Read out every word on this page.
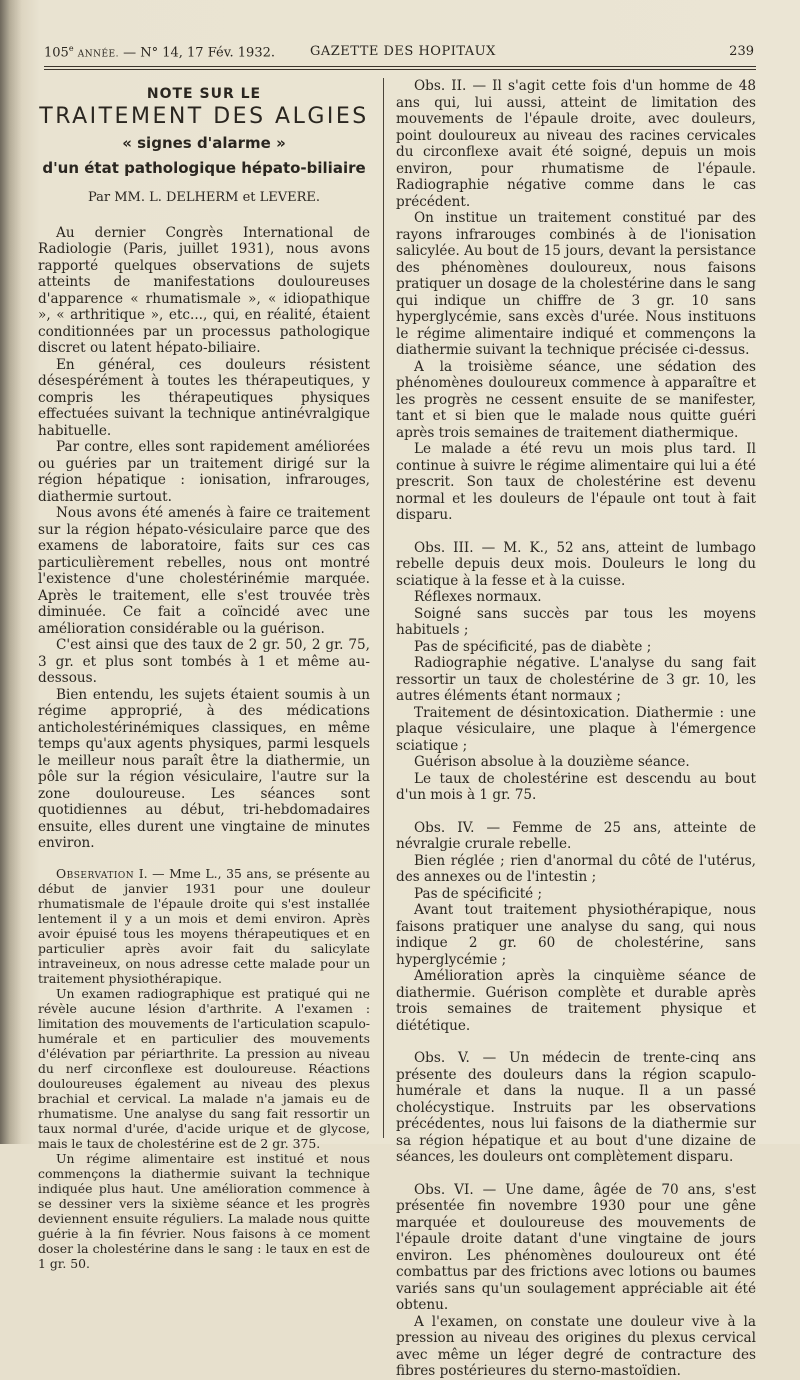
105e ANNÉE. — N° 14, 17 Fév. 1932.	GAZETTE DES HOPITAUX	239
NOTE SUR LE
TRAITEMENT DES ALGIES
« signes d'alarme »
d'un état pathologique hépato-biliaire
Par MM. L. DELHERM et LEVERE.

Au dernier Congrès International de Radiologie (Paris, juillet 1931), nous avons rapporté quelques observations de sujets atteints de manifestations douloureuses d'apparence « rhumatismale », « idiopathique », « arthritique », etc..., qui, en réalité, étaient conditionnées par un processus pathologique discret ou latent hépato-biliaire.

En général, ces douleurs résistent désespérément à toutes les thérapeutiques, y compris les thérapeutiques physiques effectuées suivant la technique antinévralgique habituelle.

Par contre, elles sont rapidement améliorées ou guéries par un traitement dirigé sur la région hépatique : ionisation, infrarouges, diathermie surtout.

Nous avons été amenés à faire ce traitement sur la région hépato-vésiculaire parce que des examens de laboratoire, faits sur ces cas particulièrement rebelles, nous ont montré l'existence d'une cholestérinémie marquée. Après le traitement, elle s'est trouvée très diminuée. Ce fait a coïncidé avec une amélioration considérable ou la guérison.

C'est ainsi que des taux de 2 gr. 50, 2 gr. 75, 3 gr. et plus sont tombés à 1 et même au-dessous.

Bien entendu, les sujets étaient soumis à un régime approprié, à des médications anticholestérinémiques classiques, en même temps qu'aux agents physiques, parmi lesquels le meilleur nous paraît être la diathermie, un pôle sur la région vésiculaire, l'autre sur la zone douloureuse. Les séances sont quotidiennes au début, tri-hebdomadaires ensuite, elles durent une vingtaine de minutes environ.

Observation I. — Mme L., 35 ans, se présente au début de janvier 1931 pour une douleur rhumatismale de l'épaule droite qui s'est installée lentement il y a un mois et demi environ. Après avoir épuisé tous les moyens thérapeutiques et en particulier après avoir fait du salicylate intraveineux, on nous adresse cette malade pour un traitement physiothérapique.

Un examen radiographique est pratiqué qui ne révèle aucune lésion d'arthrite. A l'examen : limitation des mouvements de l'articulation scapulo-humérale et en particulier des mouvements d'élévation par périarthrite. La pression au niveau du nerf circonflexe est douloureuse. Réactions douloureuses également au niveau des plexus brachial et cervical. La malade n'a jamais eu de rhumatisme. Une analyse du sang fait ressortir un taux normal d'urée, d'acide urique et de glycose, mais le taux de cholestérine est de 2 gr. 375.

Un régime alimentaire est institué et nous commençons la diathermie suivant la technique indiquée plus haut. Une amélioration commence à se dessiner vers la sixième séance et les progrès deviennent ensuite réguliers. La malade nous quitte guérie à la fin février. Nous faisons à ce moment doser la cholestérine dans le sang : le taux en est de 1 gr. 50.

Obs. II. — Il s'agit cette fois d'un homme de 48 ans qui, lui aussi, atteint de limitation des mouvements de l'épaule droite, avec douleurs, point douloureux au niveau des racines cervicales du circonflexe avait été soigné, depuis un mois environ, pour rhumatisme de l'épaule. Radiographie négative comme dans le cas précédent.

On institue un traitement constitué par des rayons infrarouges combinés à de l'ionisation salicylée. Au bout de 15 jours, devant la persistance des phénomènes douloureux, nous faisons pratiquer un dosage de la cholestérine dans le sang qui indique un chiffre de 3 gr. 10 sans hyperglycémie, sans excès d'urée. Nous instituons le régime alimentaire indiqué et commençons la diathermie suivant la technique précisée ci-dessus.

A la troisième séance, une sédation des phénomènes douloureux commence à apparaître et les progrès ne cessent ensuite de se manifester, tant et si bien que le malade nous quitte guéri après trois semaines de traitement diathermique.

Le malade a été revu un mois plus tard. Il continue à suivre le régime alimentaire qui lui a été prescrit. Son taux de cholestérine est devenu normal et les douleurs de l'épaule ont tout à fait disparu.

Obs. III. — M. K., 52 ans, atteint de lumbago rebelle depuis deux mois. Douleurs le long du sciatique à la fesse et à la cuisse.

Réflexes normaux.

Soigné sans succès par tous les moyens habituels ;

Pas de spécificité, pas de diabète ;

Radiographie négative. L'analyse du sang fait ressortir un taux de cholestérine de 3 gr. 10, les autres éléments étant normaux ;

Traitement de désintoxication. Diathermie : une plaque vésiculaire, une plaque à l'émergence sciatique ;

Guérison absolue à la douzième séance.

Le taux de cholestérine est descendu au bout d'un mois à 1 gr. 75.

Obs. IV. — Femme de 25 ans, atteinte de névralgie crurale rebelle.

Bien réglée ; rien d'anormal du côté de l'utérus, des annexes ou de l'intestin ;

Pas de spécificité ;

Avant tout traitement physiothérapique, nous faisons pratiquer une analyse du sang, qui nous indique 2 gr. 60 de cholestérine, sans hyperglycémie ;

Amélioration après la cinquième séance de diathermie. Guérison complète et durable après trois semaines de traitement physique et diététique.

Obs. V. — Un médecin de trente-cinq ans présente des douleurs dans la région scapulo-humérale et dans la nuque. Il a un passé cholécystique. Instruits par les observations précédentes, nous lui faisons de la diathermie sur sa région hépatique et au bout d'une dizaine de séances, les douleurs ont complètement disparu.

Obs. VI. — Une dame, âgée de 70 ans, s'est présentée fin novembre 1930 pour une gêne marquée et douloureuse des mouvements de l'épaule droite datant d'une vingtaine de jours environ. Les phénomènes douloureux ont été combattus par des frictions avec lotions ou baumes variés sans qu'un soulagement appréciable ait été obtenu.

A l'examen, on constate une douleur vive à la pression au niveau des origines du plexus cervical avec même un léger degré de contracture des fibres postérieures du sterno-mastoïdien.
